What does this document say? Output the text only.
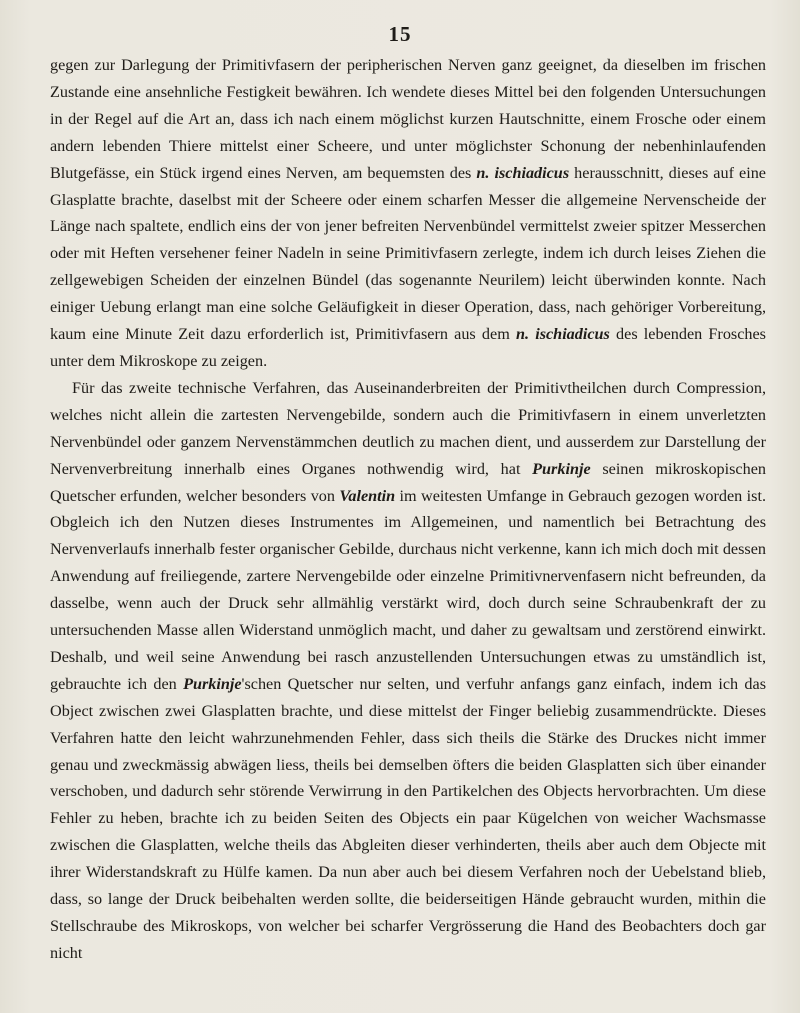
15

gegen zur Darlegung der Primitivfasern der peripherischen Nerven ganz geeignet, da dieselben im frischen Zustande eine ansehnliche Festigkeit bewähren. Ich wendete dieses Mittel bei den folgenden Untersuchungen in der Regel auf die Art an, dass ich nach einem möglichst kurzen Hautschnitte, einem Frosche oder einem andern lebenden Thiere mittelst einer Scheere, und unter möglichster Schonung der nebenhinlaufenden Blutgefässe, ein Stück irgend eines Nerven, am bequemsten des n. ischiadicus herausschnitt, dieses auf eine Glasplatte brachte, daselbst mit der Scheere oder einem scharfen Messer die allgemeine Nervenscheide der Länge nach spaltete, endlich eins der von jener befreiten Nervenbündel vermittelst zweier spitzer Messerchen oder mit Heften versehener feiner Nadeln in seine Primitivfasern zerlegte, indem ich durch leises Ziehen die zellgewebigen Scheiden der einzelnen Bündel (das sogenannte Neurilem) leicht überwinden konnte. Nach einiger Uebung erlangt man eine solche Geläufigkeit in dieser Operation, dass, nach gehöriger Vorbereitung, kaum eine Minute Zeit dazu erforderlich ist, Primitivfasern aus dem n. ischiadicus des lebenden Frosches unter dem Mikroskope zu zeigen.

Für das zweite technische Verfahren, das Auseinanderbreiten der Primitivtheilchen durch Compression, welches nicht allein die zartesten Nervengebilde, sondern auch die Primitivfasern in einem unverletzten Nervenbündel oder ganzem Nervenstämmchen deutlich zu machen dient, und ausserdem zur Darstellung der Nervenverbreitung innerhalb eines Organes nothwendig wird, hat Purkinje seinen mikroskopischen Quetscher erfunden, welcher besonders von Valentin im weitesten Umfange in Gebrauch gezogen worden ist. Obgleich ich den Nutzen dieses Instrumentes im Allgemeinen, und namentlich bei Betrachtung des Nervenverlaufs innerhalb fester organischer Gebilde, durchaus nicht verkenne, kann ich mich doch mit dessen Anwendung auf freiliegende, zartere Nervengebilde oder einzelne Primitivnervenfasern nicht befreunden, da dasselbe, wenn auch der Druck sehr allmählig verstärkt wird, doch durch seine Schraubenkraft der zu untersuchenden Masse allen Widerstand unmöglich macht, und daher zu gewaltsam und zerstörend einwirkt. Deshalb, und weil seine Anwendung bei rasch anzustellenden Untersuchungen etwas zu umständlich ist, gebrauchte ich den Purkinje'schen Quetscher nur selten, und verfuhr anfangs ganz einfach, indem ich das Object zwischen zwei Glasplatten brachte, und diese mittelst der Finger beliebig zusammendrückte. Dieses Verfahren hatte den leicht wahrzunehmenden Fehler, dass sich theils die Stärke des Druckes nicht immer genau und zweckmässig abwägen liess, theils bei demselben öfters die beiden Glasplatten sich über einander verschoben, und dadurch sehr störende Verwirrung in den Partikelchen des Objects hervorbrachten. Um diese Fehler zu heben, brachte ich zu beiden Seiten des Objects ein paar Kügelchen von weicher Wachsmasse zwischen die Glasplatten, welche theils das Abgleiten dieser verhinderten, theils aber auch dem Objecte mit ihrer Widerstandskraft zu Hülfe kamen. Da nun aber auch bei diesem Verfahren noch der Uebelstand blieb, dass, so lange der Druck beibehalten werden sollte, die beiderseitigen Hände gebraucht wurden, mithin die Stellschraube des Mikroskops, von welcher bei scharfer Vergrösserung die Hand des Beobachters doch gar nicht
